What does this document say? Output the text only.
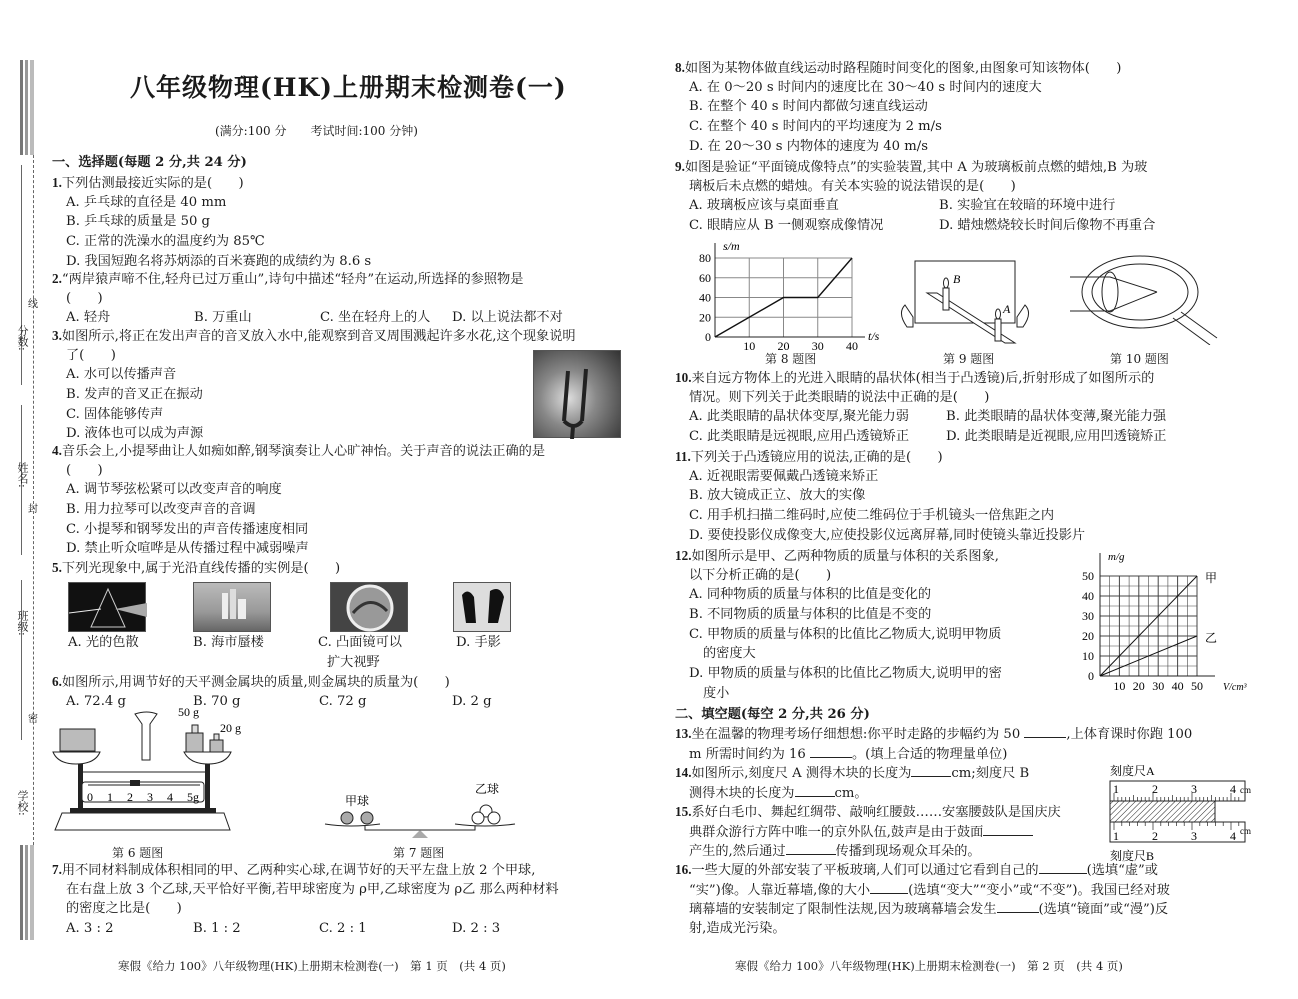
分数:
姓名:
班级:
学校:
线
封
密
八年级物理(HK)上册期末检测卷(一)
(满分:100 分　　考试时间:100 分钟)
一、选择题(每题 2 分,共 24 分)
1.下列估测最接近实际的是(　　)
A. 乒乓球的直径是 40 mm
B. 乒乓球的质量是 50 g
C. 正常的洗澡水的温度约为 85℃
D. 我国短跑名将苏炳添的百米赛跑的成绩约为 8.6 s
2.“两岸猿声啼不住,轻舟已过万重山”,诗句中描述“轻舟”在运动,所选择的参照物是
(　　)
A. 轻舟	B. 万重山	C. 坐在轻舟上的人	D. 以上说法都不对
3.如图所示,将正在发出声音的音叉放入水中,能观察到音叉周围溅起许多水花,这个现象说明
了(　　)
A. 水可以传播声音
B. 发声的音叉正在振动
C. 固体能够传声
D. 液体也可以成为声源
4.音乐会上,小提琴曲让人如痴如醉,钢琴演奏让人心旷神怡。关于声音的说法正确的是
(　　)
A. 调节琴弦松紧可以改变声音的响度
B. 用力拉琴可以改变声音的音调
C. 小提琴和钢琴发出的声音传播速度相同
D. 禁止听众喧哗是从传播过程中减弱噪声
5.下列光现象中,属于光沿直线传播的实例是(　　)
A. 光的色散	B. 海市蜃楼	C. 凸面镜可以
扩大视野
D. 手影
6.如图所示,用调节好的天平测金属块的质量,则金属块的质量为(　　)
A. 72.4 g	B. 70 g	C. 72 g	D. 2 g
0 1 2 3 4 5g
50 g
20 g
第 6 题图
甲球
乙球
第 7 题图
7.用不同材料制成体积相同的甲、乙两种实心球,在调节好的天平左盘上放 2 个甲球,
在右盘上放 3 个乙球,天平恰好平衡,若甲球密度为 ρ甲,乙球密度为 ρ乙 那么两种材料
的密度之比是(　　)
A. 3 : 2	B. 1 : 2	C. 2 : 1	D. 2 : 3
寒假《给力 100》八年级物理(HK)上册期末检测卷(一)　第 1 页　(共 4 页)
8.如图为某物体做直线运动时路程随时间变化的图象,由图象可知该物体(　　)
A. 在 0～20 s 时间内的速度比在 30～40 s 时间内的速度大
B. 在整个 40 s 时间内都做匀速直线运动
C. 在整个 40 s 时间内的平均速度为 2 m/s
D. 在 20～30 s 内物体的速度为 40 m/s
9.如图是验证“平面镜成像特点”的实验装置,其中 A 为玻璃板前点燃的蜡烛,B 为玻
璃板后未点燃的蜡烛。有关本实验的说法错误的是(　　)
A. 玻璃板应该与桌面垂直	B. 实验宜在较暗的环境中进行
C. 眼睛应从 B 一侧观察成像情况	D. 蜡烛燃烧较长时间后像物不再重合
0
20
40
60
80
10 20 30 40
s/m
t/s
第 8 题图
B
A
第 9 题图	第 10 题图
10.来自远方物体上的光进入眼睛的晶状体(相当于凸透镜)后,折射形成了如图所示的
情况。则下列关于此类眼睛的说法中正确的是(　　)
A. 此类眼睛的晶状体变厚,聚光能力弱	B. 此类眼睛的晶状体变薄,聚光能力强
C. 此类眼睛是远视眼,应用凸透镜矫正	D. 此类眼睛是近视眼,应用凹透镜矫正
11.下列关于凸透镜应用的说法,正确的是(　　)
A. 近视眼需要佩戴凸透镜来矫正
B. 放大镜成正立、放大的实像
C. 用手机扫描二维码时,应使二维码位于手机镜头一倍焦距之内
D. 要使投影仪成像变大,应使投影仪远离屏幕,同时使镜头靠近投影片
12.如图所示是甲、乙两种物质的质量与体积的关系图象,
以下分析正确的是(　　)
A. 同种物质的质量与体积的比值是变化的
B. 不同物质的质量与体积的比值是不变的
C. 甲物质的质量与体积的比值比乙物质大,说明甲物质
的密度大
D. 甲物质的质量与体积的比值比乙物质大,说明甲的密
度小
0
10
20
30
40
50
10 20 30 40 50
m/g
V/cm³
甲
乙
二、填空题(每空 2 分,共 26 分)
13.坐在温馨的物理考场仔细想想:你平时走路的步幅约为 50	,上体育课时你跑 100
m 所需时间约为 16	。(填上合适的物理量单位)
14.如图所示,刻度尺 A 测得木块的长度为	cm;刻度尺 B
测得木块的长度为	cm。
15.系好白毛巾、舞起红绸带、敲响红腰鼓……安塞腰鼓队是国庆庆
典群众游行方阵中唯一的京外队伍,鼓声是由于鼓面
产生的,然后通过	传播到现场观众耳朵的。
刻度尺A
刻度尺B
1
1
2
2
3
3
4
4
cm
cm
16.一些大厦的外部安装了平板玻璃,人们可以通过它看到自己的	(选填“虚”或
“实”)像。人靠近幕墙,像的大小	(选填“变大”“变小”或“不变”)。我国已经对玻
璃幕墙的安装制定了限制性法规,因为玻璃幕墙会发生	(选填“镜面”或“漫”)反
射,造成光污染。
寒假《给力 100》八年级物理(HK)上册期末检测卷(一)　第 2 页　(共 4 页)
